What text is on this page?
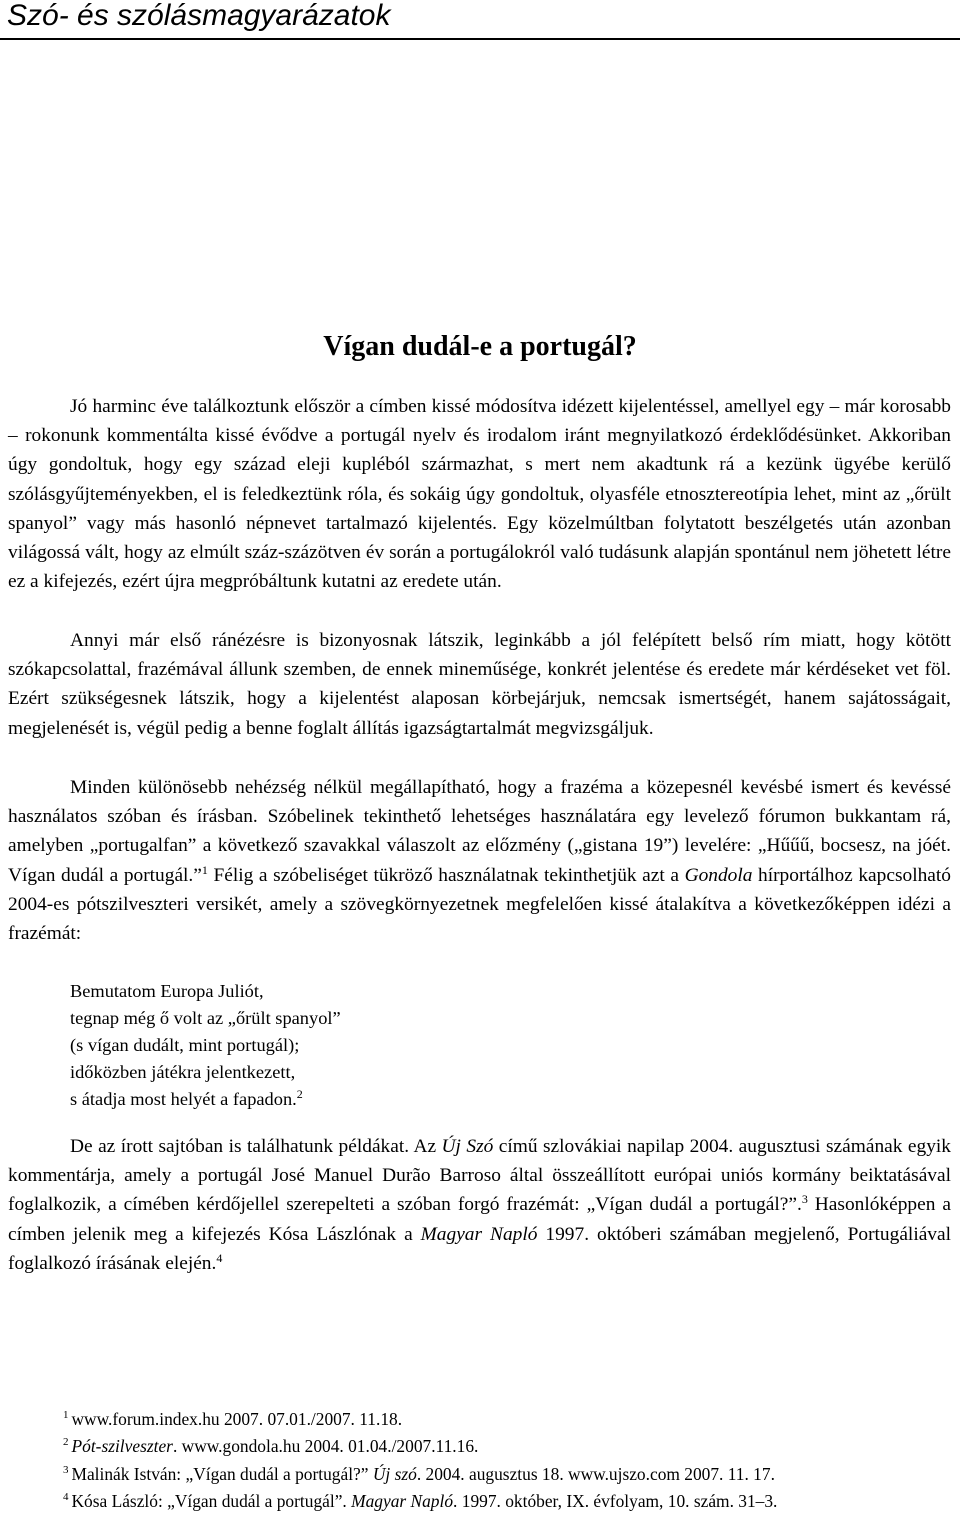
Szó- és szólásmagyarázatok
Vígan dudál-e a portugál?
Jó harminc éve találkoztunk először a címben kissé módosítva idézett kijelentéssel, amellyel egy – már korosabb – rokonunk kommentálta kissé évődve a portugál nyelv és irodalom iránt megnyilatkozó érdeklődésünket. Akkoriban úgy gondoltuk, hogy egy század eleji kupléból származhat, s mert nem akadtunk rá a kezünk ügyébe kerülő szólásgyűjteményekben, el is feledkeztünk róla, és sokáig úgy gondoltuk, olyasféle etnosztereotípia lehet, mint az „őrült spanyol” vagy más hasonló népnevet tartalmazó kijelentés. Egy közelmúltban folytatott beszélgetés után azonban világossá vált, hogy az elmúlt száz-százötven év során a portugálokról való tudásunk alapján spontánul nem jöhetett létre ez a kifejezés, ezért újra megpróbáltunk kutatni az eredete után.
Annyi már első ránézésre is bizonyosnak látszik, leginkább a jól felépített belső rím miatt, hogy kötött szókapcsolattal, frazémával állunk szemben, de ennek mineműsége, konkrét jelentése és eredete már kérdéseket vet föl. Ezért szükségesnek látszik, hogy a kijelentést alaposan körbejárjuk, nemcsak ismertségét, hanem sajátosságait, megjelenését is, végül pedig a benne foglalt állítás igazságtartalmát megvizsgáljuk.
Minden különösebb nehézség nélkül megállapítható, hogy a frazéma a közepesnél kevésbé ismert és kevéssé használatos szóban és írásban. Szóbelinek tekinthető lehetséges használatára egy levelező fórumon bukkantam rá, amelyben „portugalfan” a következő szavakkal válaszolt az előzmény („gistana 19”) levelére: „Hűűű, bocsesz, na jóét. Vígan dudál a portugál.”$^1$ Félig a szóbeliséget tükröző használatnak tekinthetjük azt a Gondola hírportálhoz kapcsolható 2004-es pótszilveszteri versikét, amely a szövegkörnyezetnek megfelelően kissé átalakítva a következőképpen idézi a frazémát:
Bemutatom Europa Juliót,
tegnap még ő volt az „őrült spanyol”
(s vígan dudált, mint portugál);
időközben játékra jelentkezett,
s átadja most helyét a fapadon.$^2$
De az írott sajtóban is találhatunk példákat. Az Új Szó című szlovákiai napilap 2004. augusztusi számának egyik kommentárja, amely a portugál José Manuel Durão Barroso által összeállított európai uniós kormány beiktatásával foglalkozik, a címében kérdőjellel szerepelteti a szóban forgó frazémát: „Vígan dudál a portugál?”.$^3$ Hasonlóképpen a címben jelenik meg a kifejezés Kósa Lászlónak a Magyar Napló 1997. októberi számában megjelenő, Portugáliával foglalkozó írásának elején.$^4$
$^1$ www.forum.index.hu 2007. 07.01./2007. 11.18.
$^2$ Pót-szilveszter. www.gondola.hu 2004. 01.04./2007.11.16.
$^3$ Malinák István: „Vígan dudál a portugál?” Új szó. 2004. augusztus 18. www.ujszo.com 2007. 11. 17.
$^4$ Kósa László: „Vígan dudál a portugál”. Magyar Napló. 1997. október, IX. évfolyam, 10. szám. 31–3.
